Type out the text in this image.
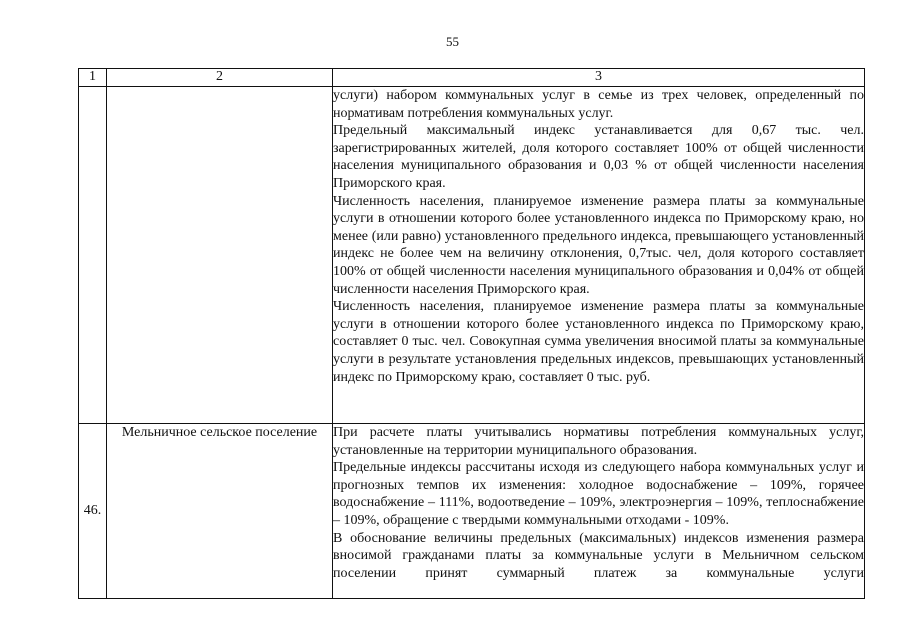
55
1	2	3

		услуги) набором коммунальных услуг в семье из трех человек, определенный по нормативам потребления коммунальных услуг.

Предельный максимальный индекс устанавливается для 0,67 тыс. чел. зарегистрированных жителей, доля которого составляет 100% от общей численности населения муниципального образования и 0,03 % от общей численности населения Приморского края.

Численность населения, планируемое изменение размера платы за коммунальные услуги в отношении которого более установленного индекса по Приморскому краю, но менее (или равно) установленного предельного индекса, превышающего установленный индекс не более чем на величину отклонения, 0,7тыс. чел, доля которого составляет 100% от общей численности населения муниципального образования и 0,04% от общей численности населения Приморского края.

Численность населения, планируемое изменение размера платы за коммунальные услуги в отношении которого более установленного индекса по Приморскому краю, составляет 0 тыс. чел. Совокупная сумма увеличения вносимой платы за коммунальные услуги в результате установления предельных индексов, превышающих установленный индекс по Приморскому краю, составляет 0 тыс. руб.

46.	Мельничное сельское поселение	При расчете платы учитывались нормативы потребления коммунальных услуг, установленные на территории муниципального образования.

Предельные индексы рассчитаны исходя из следующего набора коммунальных услуг и прогнозных темпов их изменения: холодное водоснабжение – 109%, горячее водоснабжение – 111%, водоотведение – 109%, электроэнергия – 109%, теплоснабжение – 109%, обращение с твердыми коммунальными отходами - 109%.

В обоснование величины предельных (максимальных) индексов изменения размера вносимой гражданами платы за коммунальные услуги в Мельничном сельском поселении принят суммарный платеж за коммунальные услуги
